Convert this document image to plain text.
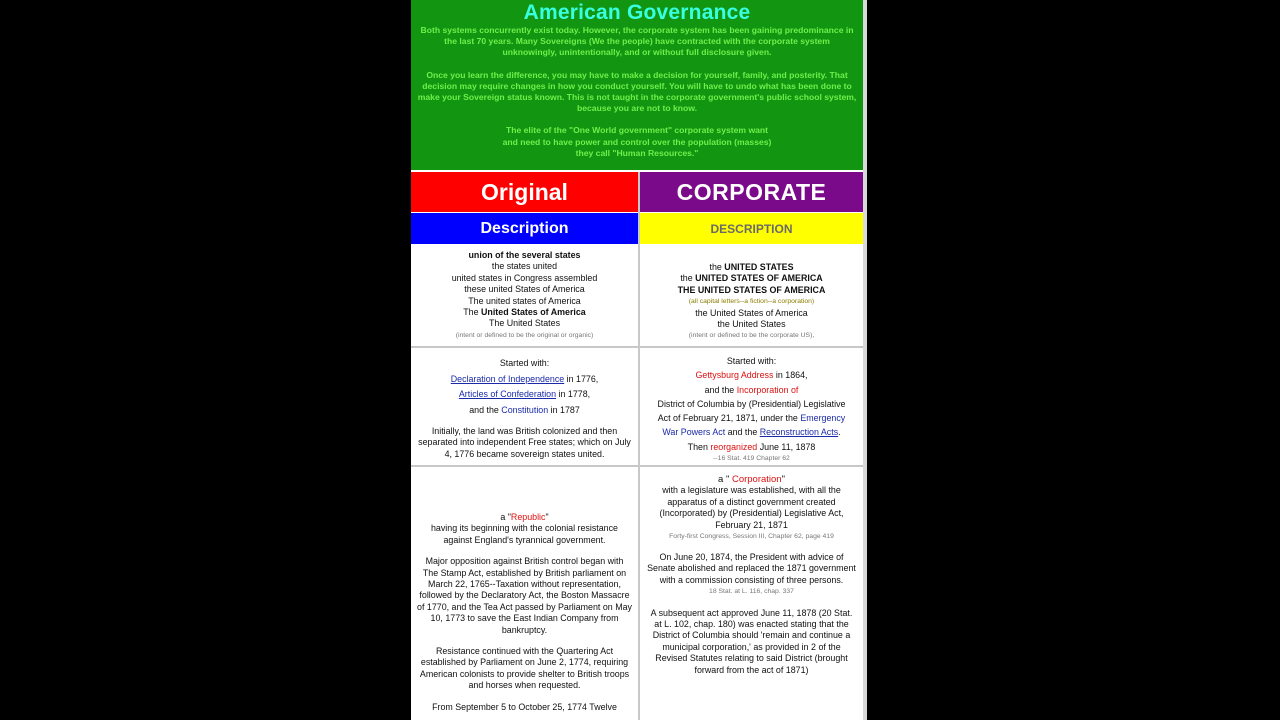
American Governance

Both systems concurrently exist today. However, the corporate system has been gaining predominance in the last 70 years. Many Sovereigns (We the people) have contracted with the corporate system unknowingly, unintentionally, and or without full disclosure given.

Once you learn the difference, you may have to make a decision for yourself, family, and posterity. That decision may require changes in how you conduct yourself. You will have to undo what has been done to make your Sovereign status known. This is not taught in the corporate government's public school system, because you are not to know.

The elite of the "One World government" corporate system want
and need to have power and control over the population (masses)
they call "Human Resources."

Original	CORPORATE
Description	DESCRIPTION
union of the several states
the states united
united states in Congress assembled
these united States of America
The united states of America
The United States of America
The United States
(intent or defined to be the original or organic)
the UNITED STATES
the UNITED STATES OF AMERICA
THE UNITED STATES OF AMERICA
(all capital letters--a fiction--a corporation)
the United States of America
the United States
(intent or defined to be the corporate US),
Started with:
Declaration of Independence in 1776,
Articles of Confederation in 1778,
and the Constitution in 1787
Initially, the land was British colonized and then separated into independent Free states; which on July 4, 1776 became sovereign states united.
Started with:
Gettysburg Address in 1864,
and the Incorporation of
District of Columbia by (Presidential) Legislative
Act of February 21, 1871, under the Emergency
War Powers Act and the Reconstruction Acts.
Then reorganized June 11, 1878
--16 Stat. 419 Chapter 62
a "Republic"
having its beginning with the colonial resistance against England's tyrannical government.
Major opposition against British control began with The Stamp Act, established by British parliament on March 22, 1765--Taxation without representation, followed by the Declaratory Act, the Boston Massacre of 1770, and the Tea Act passed by Parliament on May 10, 1773 to save the East Indian Company from bankruptcy.
Resistance continued with the Quartering Act established by Parliament on June 2, 1774, requiring American colonists to provide shelter to British troops and horses when requested.
From September 5 to October 25, 1774 Twelve
a " Corporation"
with a legislature was established, with all the apparatus of a distinct government created (Incorporated) by (Presidential) Legislative Act,
February 21, 1871
Forty-first Congress, Session III, Chapter 62, page 419
On June 20, 1874, the President with advice of Senate abolished and replaced the 1871 government with a commission consisting of three persons.
18 Stat. at L. 116, chap. 337
A subsequent act approved June 11, 1878 (20 Stat. at L. 102, chap. 180) was enacted stating that the District of Columbia should 'remain and continue a municipal corporation,' as provided in 2 of the Revised Statutes relating to said District (brought forward from the act of 1871)
